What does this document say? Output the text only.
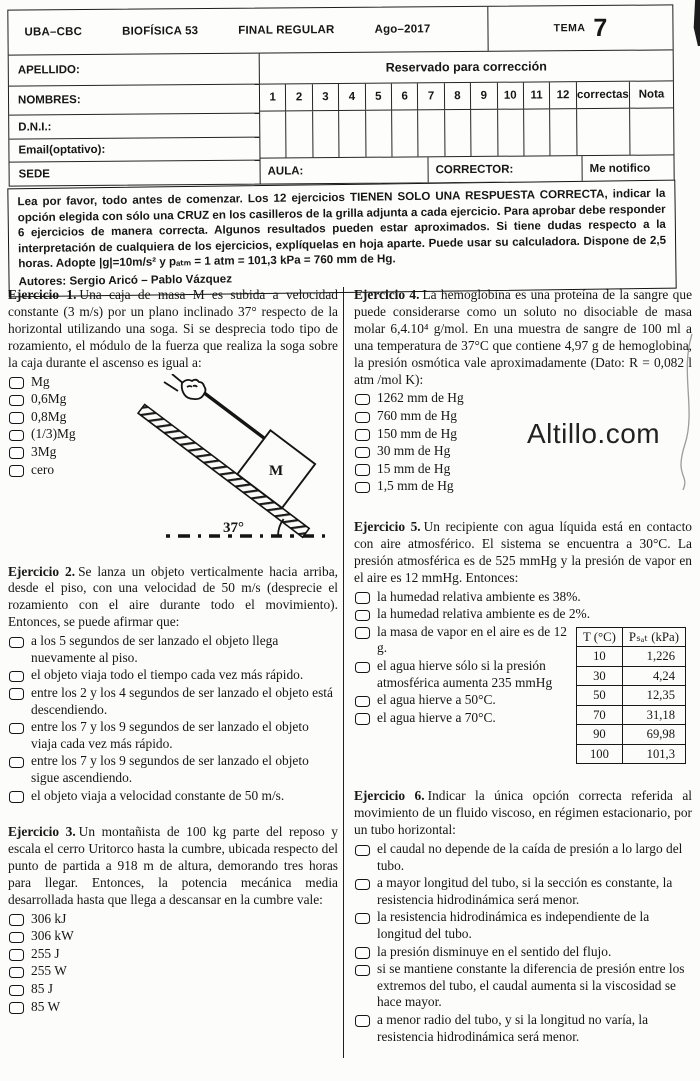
UBA–CBC	BIOFÍSICA 53	FINAL REGULAR	Ago–2017	TEMA 7
APELLIDO:
NOMBRES:
D.N.I.:
Email(optativo):
SEDE
Reservado para corrección
1	2	3	4	5	6	7	8	9	10	11	12 correctas Nota
AULA:	CORRECTOR:	Me notifico

Lea por favor, todo antes de comenzar. Los 12 ejercicios TIENEN SOLO UNA RESPUESTA CORRECTA, indicar la opción elegida con sólo una CRUZ en los casilleros de la grilla adjunta a cada ejercicio. Para aprobar debe responder 6 ejercicios de manera correcta. Algunos resultados pueden estar aproximados. Si tiene dudas respecto a la interpretación de cualquiera de los ejercicios, explíquelas en hoja aparte. Puede usar su calculadora. Dispone de 2,5 horas. Adopte |g|=10m/s² y pₐₜₘ = 1 atm = 101,3 kPa = 760 mm de Hg.

Autores: Sergio Aricó – Pablo Vázquez

Ejercicio 1. Una caja de masa M es subida a velocidad constante (3 m/s) por un plano inclinado 37° respecto de la horizontal utilizando una soga. Si se desprecia todo tipo de rozamiento, el módulo de la fuerza que realiza la soga sobre la caja durante el ascenso es igual a:

Mg
0,6Mg
0,8Mg
(1/3)Mg
3Mg
cero
37°
M

Ejercicio 2. Se lanza un objeto verticalmente hacia arriba, desde el piso, con una velocidad de 50 m/s (desprecie el rozamiento con el aire durante todo el movimiento). Entonces, se puede afirmar que:

a los 5 segundos de ser lanzado el objeto llega nuevamente al piso.
el objeto viaja todo el tiempo cada vez más rápido.
entre los 2 y los 4 segundos de ser lanzado el objeto está descendiendo.
entre los 7 y los 9 segundos de ser lanzado el objeto viaja cada vez más rápido.
entre los 7 y los 9 segundos de ser lanzado el objeto sigue ascendiendo.
el objeto viaja a velocidad constante de 50 m/s.

Ejercicio 3. Un montañista de 100 kg parte del reposo y escala el cerro Uritorco hasta la cumbre, ubicada respecto del punto de partida a 918 m de altura, demorando tres horas para llegar. Entonces, la potencia mecánica media desarrollada hasta que llega a descansar en la cumbre vale:

306 kJ
306 kW
255 J
255 W
85 J
85 W
Altillo.com

Ejercicio 4. La hemoglobina es una proteína de la sangre que puede considerarse como un soluto no disociable de masa molar 6,4.10⁴ g/mol. En una muestra de sangre de 100 ml a una temperatura de 37°C que contiene 4,97 g de hemoglobina, la presión osmótica vale aproximadamente (Dato: R = 0,082 l atm /mol K):

1262 mm de Hg
760 mm de Hg
150 mm de Hg
30 mm de Hg
15 mm de Hg
1,5 mm de Hg

Ejercicio 5. Un recipiente con agua líquida está en contacto con aire atmosférico. El sistema se encuentra a 30°C. La presión atmosférica es de 525 mmHg y la presión de vapor en el aire es 12 mmHg. Entonces:

la humedad relativa ambiente es 38%.
la humedad relativa ambiente es de 2%.
la masa de vapor en el aire es de 12 g.
el agua hierve sólo si la presión atmosférica aumenta 235 mmHg
el agua hierve a 50°C.
el agua hierve a 70°C.
T (°C)	Pₛₐₜ (kPa)
10	1,226
30	4,24
50	12,35
70	31,18
90	69,98
100	101,3

Ejercicio 6. Indicar la única opción correcta referida al movimiento de un fluido viscoso, en régimen estacionario, por un tubo horizontal:

el caudal no depende de la caída de presión a lo largo del tubo.
a mayor longitud del tubo, si la sección es constante, la resistencia hidrodinámica será menor.
la resistencia hidrodinámica es independiente de la longitud del tubo.
la presión disminuye en el sentido del flujo.
si se mantiene constante la diferencia de presión entre los extremos del tubo, el caudal aumenta si la viscosidad se hace mayor.
a menor radio del tubo, y si la longitud no varía, la resistencia hidrodinámica será menor.
